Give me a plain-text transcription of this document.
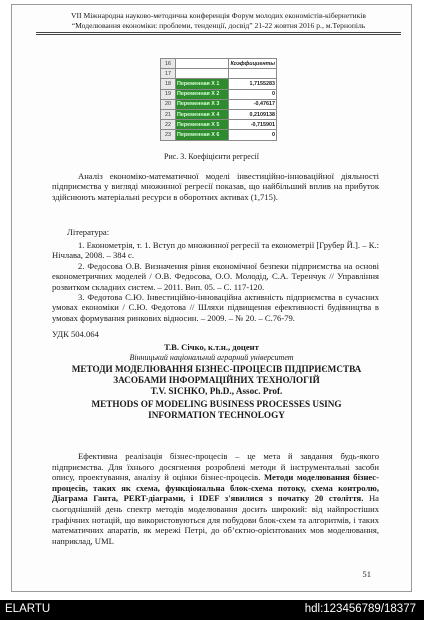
VІІ Міжнародна науково-методична конференція Форум молодих економістів-кібернетиків
“Моделювання економіки: проблеми, тенденції, досвід” 21-22 жовтня 2016 р., м.Тернопіль
16		Коэффициенты
17		
18	Переменная X 1	1,7155283
19	Переменная X 2	0
20	Переменная X 3	-0,47617
21	Переменная X 4	0,2109138
22	Переменная X 5	-0,715901
23	Переменная X 6	0
Рис. 3. Коефіцієнти регресії
Аналіз економіко-математичної моделі інвестиційно-інноваційної діяльності підприємства у вигляді множинної регресії показав, що найбільший вплив на прибуток здійснюють матеріальні ресурси в оборотних активах (1,715).
Література:
1. Економетрія, т. 1. Вступ до множинної регресії та економетрії [Грубер Й.]. – К.: Нічлава, 2008. – 384 с.
2. Федосова О.В. Визначення рівня економічної безпеки підприємства на основі економетричних моделей / О.В. Федосова, О.О. Молодід, С.А. Теренчук // Управління розвитком складних систем. – 2011. Вип. 05. – С. 117-120.
3. Федотова С.Ю. Інвестиційно-інноваційна активність підприємства в сучасних умовах економіки / С.Ю. Федотова // Шляхи підвищення ефективності будівництва в умовах формування ринкових відносин. – 2009. – № 20. – С.76-79.
УДК 504.064
Т.В. Січко, к.т.н., доцент
Вінницький національний аграрний університет
МЕТОДИ МОДЕЛЮВАННЯ БІЗНЕС-ПРОЦЕСІВ ПІДПРИЄМСТВА
ЗАСОБАМИ ІНФОРМАЦІЙНИХ ТЕХНОЛОГІЙ
T.V. SICHKO, Ph.D., Assoc. Prof.
METHODS OF MODELING BUSINESS PROCESSES USING
INFORMATION TECHNOLOGY
Ефективна реалізація бізнес-процесів – це мета й завдання будь-якого підприємства. Для їхнього досягнення розроблені методи й інструментальні засоби опису, проектування, аналізу й оцінки бізнес-процесів. Методи моделювання бізнес-процесів, таких як схема, функціональна блок-схема потоку, схема контролю, Діаграма Ганта, PERT-діаграми, і IDEF з'явилися з початку 20 століття. На сьогоднішній день спектр методів моделювання досить широкий: від найпростіших графічних нотацій, що використовуються для побудови блок-схем та алгоритмів, і таких математичних апаратів, як мережі Петрі, до об’єктно-орієнтованих мов моделювання, наприклад, UML
51
ELARTU	hdl:123456789/18377
